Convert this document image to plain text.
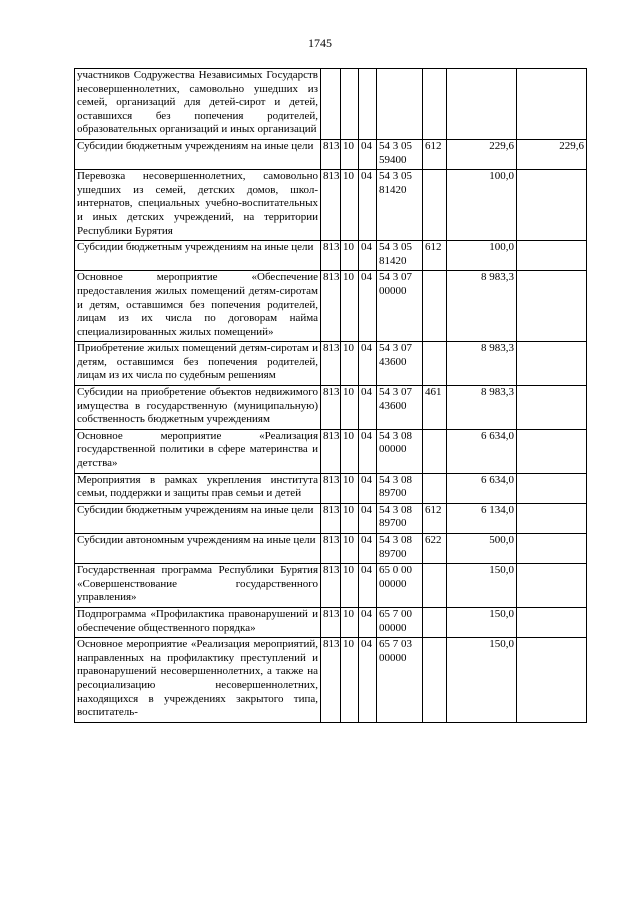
1745
участников Содружества Независимых Государств несовершеннолетних, самовольно ушедших из семей, организаций для детей-сирот и детей, оставшихся без попечения родителей, образовательных организаций и иных организаций							
Субсидии бюджетным учреждениям на иные цели	813	10	04	54 3 05 59400	612	229,6	229,6
Перевозка несовершеннолетних, самовольно ушедших из семей, детских домов, школ-интернатов, специальных учебно-воспитательных и иных детских учреждений, на территории Республики Бурятия	813	10	04	54 3 05 81420		100,0	
Субсидии бюджетным учреждениям на иные цели	813	10	04	54 3 05 81420	612	100,0	
Основное мероприятие «Обеспечение предоставления жилых помещений детям-сиротам и детям, оставшимся без попечения родителей, лицам из их числа по договорам найма специализированных жилых помещений»	813	10	04	54 3 07 00000		8 983,3	
Приобретение жилых помещений детям-сиротам и детям, оставшимся без попечения родителей, лицам из их числа по судебным решениям	813	10	04	54 3 07 43600		8 983,3	
Субсидии на приобретение объектов недвижимого имущества в государственную (муниципальную) собственность бюджетным учреждениям	813	10	04	54 3 07 43600	461	8 983,3	
Основное мероприятие «Реализация государственной политики в сфере материнства и детства»	813	10	04	54 3 08 00000		6 634,0	
Мероприятия в рамках укрепления института семьи, поддержки и защиты прав семьи и детей	813	10	04	54 3 08 89700		6 634,0	
Субсидии бюджетным учреждениям на иные цели	813	10	04	54 3 08 89700	612	6 134,0	
Субсидии автономным учреждениям на иные цели	813	10	04	54 3 08 89700	622	500,0	
Государственная программа Республики Бурятия «Совершенствование государственного управления»	813	10	04	65 0 00 00000		150,0	
Подпрограмма «Профилактика правонарушений и обеспечение общественного порядка»	813	10	04	65 7 00 00000		150,0	
Основное мероприятие «Реализация мероприятий, направленных на профилактику преступлений и правонарушений несовершеннолетних, а также на ресоциализацию несовершеннолетних, находящихся в учреждениях закрытого типа, воспитатель-	813	10	04	65 7 03 00000		150,0	
